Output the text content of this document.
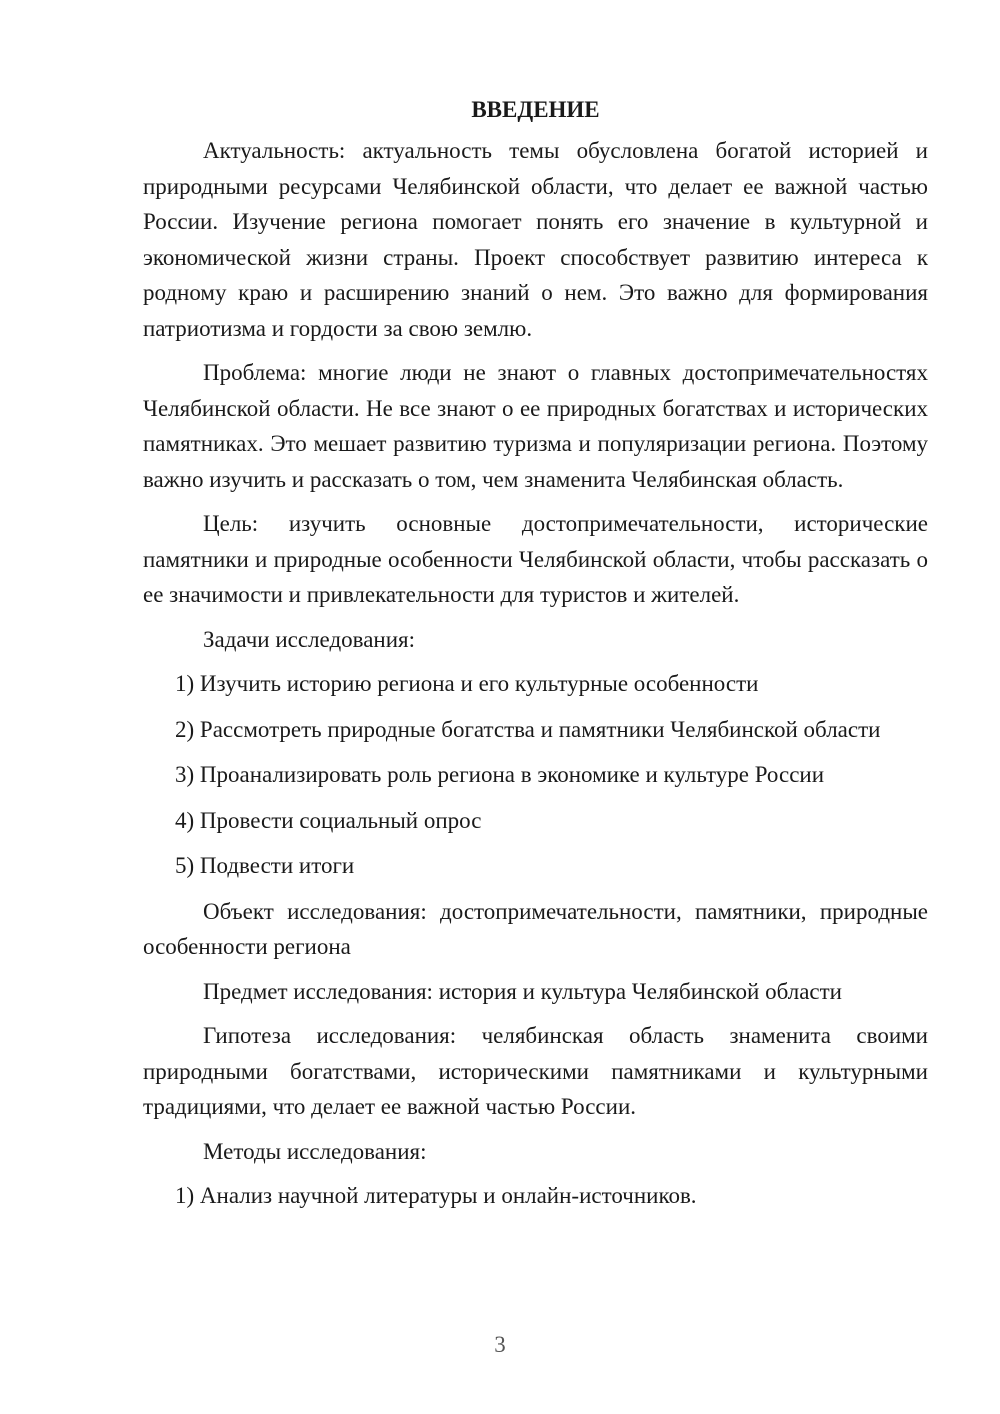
ВВЕДЕНИЕ

Актуальность: актуальность темы обусловлена богатой историей и природными ресурсами Челябинской области, что делает ее важной частью России. Изучение региона помогает понять его значение в культурной и экономической жизни страны. Проект способствует развитию интереса к родному краю и расширению знаний о нем. Это важно для формирования патриотизма и гордости за свою землю.

Проблема: многие люди не знают о главных достопримечательностях Челябинской области. Не все знают о ее природных богатствах и исторических памятниках. Это мешает развитию туризма и популяризации региона. Поэтому важно изучить и рассказать о том, чем знаменита Челябинская область.

Цель: изучить основные достопримечательности, исторические памятники и природные особенности Челябинской области, чтобы рассказать о ее значимости и привлекательности для туристов и жителей.

Задачи исследования:

1) Изучить историю региона и его культурные особенности

2) Рассмотреть природные богатства и памятники Челябинской области

3) Проанализировать роль региона в экономике и культуре России

4) Провести социальный опрос

5) Подвести итоги

Объект исследования: достопримечательности, памятники, природные особенности региона

Предмет исследования: история и культура Челябинской области

Гипотеза исследования: челябинская область знаменита своими природными богатствами, историческими памятниками и культурными традициями, что делает ее важной частью России.

Методы исследования:

1) Анализ научной литературы и онлайн-источников.

3
